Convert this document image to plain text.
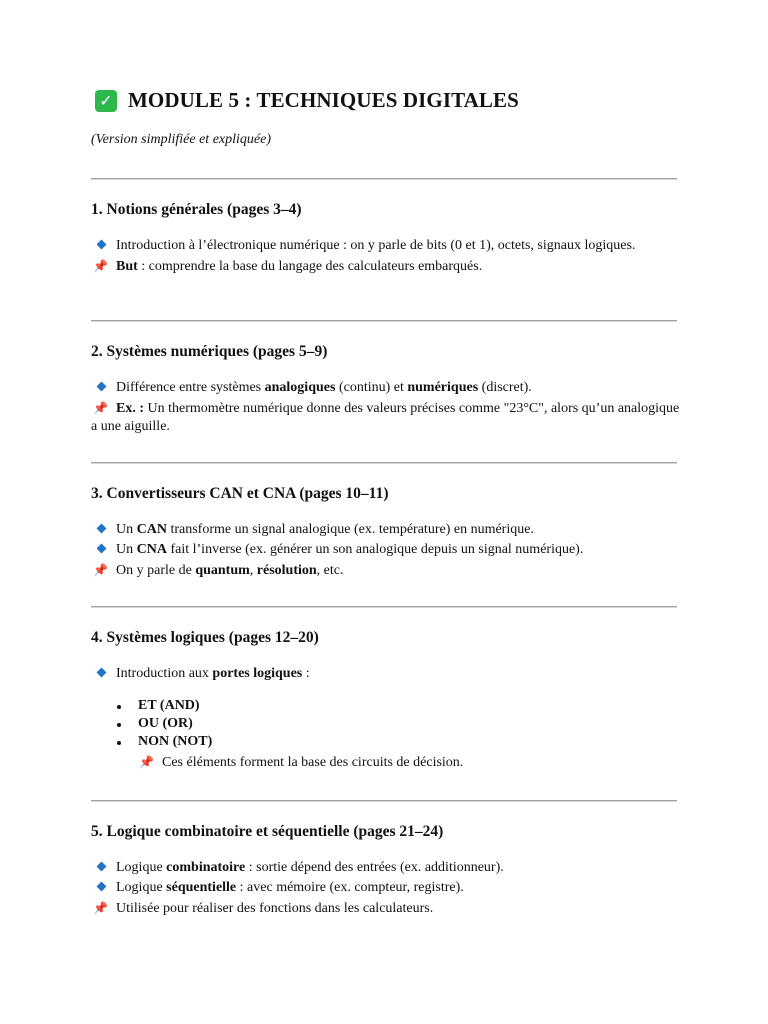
✓ MODULE 5 : TECHNIQUES DIGITALES
(Version simplifiée et expliquée)
1. Notions générales (pages 3–4)
Introduction à l’électronique numérique : on y parle de bits (0 et 1), octets, signaux logiques.
📌 But : comprendre la base du langage des calculateurs embarqués.
2. Systèmes numériques (pages 5–9)
Différence entre systèmes analogiques (continu) et numériques (discret).
📌 Ex. : Un thermomètre numérique donne des valeurs précises comme "23°C", alors qu’un analogique a une aiguille.
3. Convertisseurs CAN et CNA (pages 10–11)
Un CAN transforme un signal analogique (ex. température) en numérique.
Un CNA fait l’inverse (ex. générer un son analogique depuis un signal numérique).
📌 On y parle de quantum, résolution, etc.
4. Systèmes logiques (pages 12–20)
Introduction aux portes logiques :
ET (AND)
OU (OR)
NON (NOT)
📌 Ces éléments forment la base des circuits de décision.
5. Logique combinatoire et séquentielle (pages 21–24)
Logique combinatoire : sortie dépend des entrées (ex. additionneur).
Logique séquentielle : avec mémoire (ex. compteur, registre).
📌 Utilisée pour réaliser des fonctions dans les calculateurs.
